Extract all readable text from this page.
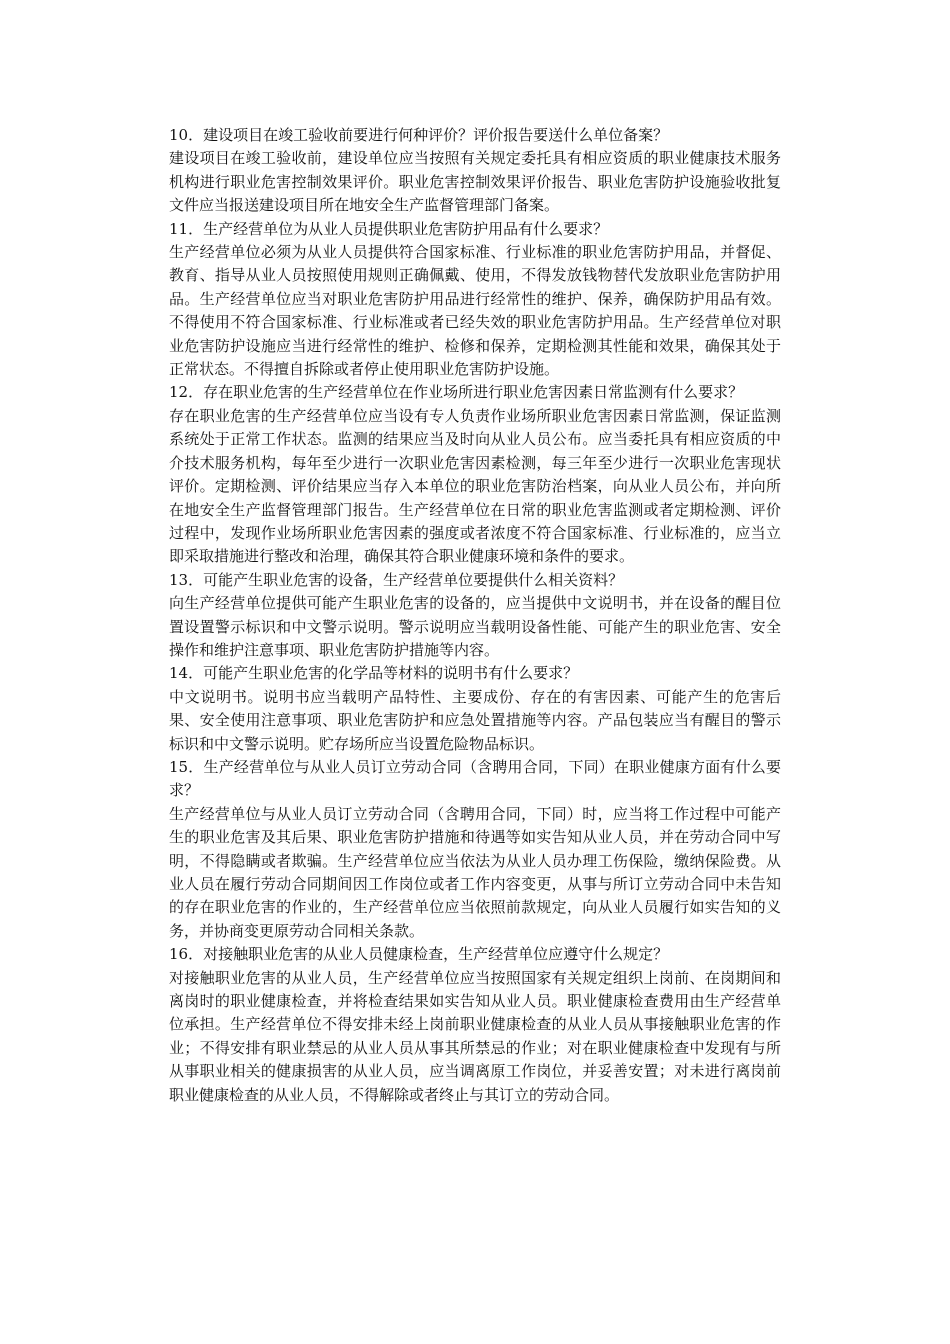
10．建设项目在竣工验收前要进行何种评价？评价报告要送什么单位备案？

建设项目在竣工验收前，建设单位应当按照有关规定委托具有相应资质的职业健康技术服务机构进行职业危害控制效果评价。职业危害控制效果评价报告、职业危害防护设施验收批复文件应当报送建设项目所在地安全生产监督管理部门备案。

11．生产经营单位为从业人员提供职业危害防护用品有什么要求？

生产经营单位必须为从业人员提供符合国家标准、行业标准的职业危害防护用品，并督促、教育、指导从业人员按照使用规则正确佩戴、使用，不得发放钱物替代发放职业危害防护用品。生产经营单位应当对职业危害防护用品进行经常性的维护、保养，确保防护用品有效。不得使用不符合国家标准、行业标准或者已经失效的职业危害防护用品。生产经营单位对职业危害防护设施应当进行经常性的维护、检修和保养，定期检测其性能和效果，确保其处于正常状态。不得擅自拆除或者停止使用职业危害防护设施。

12．存在职业危害的生产经营单位在作业场所进行职业危害因素日常监测有什么要求？

存在职业危害的生产经营单位应当设有专人负责作业场所职业危害因素日常监测，保证监测系统处于正常工作状态。监测的结果应当及时向从业人员公布。应当委托具有相应资质的中介技术服务机构，每年至少进行一次职业危害因素检测，每三年至少进行一次职业危害现状评价。定期检测、评价结果应当存入本单位的职业危害防治档案，向从业人员公布，并向所在地安全生产监督管理部门报告。生产经营单位在日常的职业危害监测或者定期检测、评价过程中，发现作业场所职业危害因素的强度或者浓度不符合国家标准、行业标准的，应当立即采取措施进行整改和治理，确保其符合职业健康环境和条件的要求。

13．可能产生职业危害的设备，生产经营单位要提供什么相关资料？

向生产经营单位提供可能产生职业危害的设备的，应当提供中文说明书，并在设备的醒目位置设置警示标识和中文警示说明。警示说明应当载明设备性能、可能产生的职业危害、安全操作和维护注意事项、职业危害防护措施等内容。

14．可能产生职业危害的化学品等材料的说明书有什么要求？

中文说明书。说明书应当载明产品特性、主要成份、存在的有害因素、可能产生的危害后果、安全使用注意事项、职业危害防护和应急处置措施等内容。产品包装应当有醒目的警示标识和中文警示说明。贮存场所应当设置危险物品标识。

15．生产经营单位与从业人员订立劳动合同（含聘用合同，下同）在职业健康方面有什么要求？

生产经营单位与从业人员订立劳动合同（含聘用合同，下同）时，应当将工作过程中可能产生的职业危害及其后果、职业危害防护措施和待遇等如实告知从业人员，并在劳动合同中写明，不得隐瞒或者欺骗。生产经营单位应当依法为从业人员办理工伤保险，缴纳保险费。从业人员在履行劳动合同期间因工作岗位或者工作内容变更，从事与所订立劳动合同中未告知的存在职业危害的作业的，生产经营单位应当依照前款规定，向从业人员履行如实告知的义务，并协商变更原劳动合同相关条款。

16．对接触职业危害的从业人员健康检查，生产经营单位应遵守什么规定？

对接触职业危害的从业人员，生产经营单位应当按照国家有关规定组织上岗前、在岗期间和离岗时的职业健康检查，并将检查结果如实告知从业人员。职业健康检查费用由生产经营单位承担。生产经营单位不得安排未经上岗前职业健康检查的从业人员从事接触职业危害的作业；不得安排有职业禁忌的从业人员从事其所禁忌的作业；对在职业健康检查中发现有与所从事职业相关的健康损害的从业人员，应当调离原工作岗位，并妥善安置；对未进行离岗前职业健康检查的从业人员，不得解除或者终止与其订立的劳动合同。
